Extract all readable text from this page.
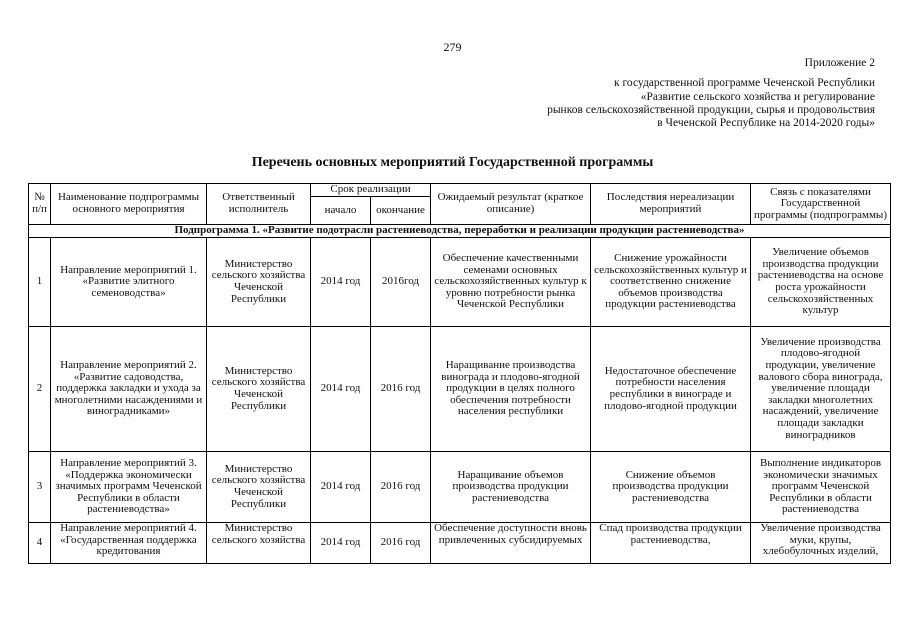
279
Приложение 2
к государственной программе Чеченской Республики
«Развитие сельского хозяйства и регулирование
рынков сельскохозяйственной продукции, сырья и продовольствия
в Чеченской Республике на 2014-2020 годы»
Перечень основных мероприятий Государственной программы
№ п/п	Наименование подпрограммы основного мероприятия	Ответственный исполнитель	Срок реализации		Ожидаемый результат (краткое описание)	Последствия нереализации мероприятий	Связь с показателями Государственной программы (подпрограммы)
			начало	окончание			
Подпрограмма 1. «Развитие подотрасли растениеводства, переработки и реализации продукции растениеводства»							
1	Направление мероприятий 1. «Развитие элитного семеноводства»	Министерство сельского хозяйства Чеченской Республики	2014 год	2016год	Обеспечение качественными семенами основных сельскохозяйственных культур к уровню потребности рынка Чеченской Республики	Снижение урожайности сельскохозяйственных культур и соответственно снижение объемов производства продукции растениеводства	Увеличение объемов производства продукции растениеводства на основе роста урожайности сельскохозяйственных культур
2	Направление мероприятий 2. «Развитие садоводства, поддержка закладки и ухода за многолетними насаждениями и виноградниками»	Министерство сельского хозяйства Чеченской Республики	2014 год	2016 год	Наращивание производства винограда и плодово-ягодной продукции в целях полного обеспечения потребности населения республики	Недостаточное обеспечение потребности населения республики в винограде и плодово-ягодной продукции	Увеличение производства плодово-ягодной продукции, увеличение валового сбора винограда, увеличение площади закладки многолетних насаждений, увеличение площади закладки виноградников
3	Направление мероприятий 3. «Поддержка экономически значимых программ Чеченской Республики в области растениеводства»	Министерство сельского хозяйства Чеченской Республики	2014 год	2016 год	Наращивание объемов производства продукции растениеводства	Снижение объемов производства продукции растениеводства	Выполнение индикаторов экономически значимых программ Чеченской Республики в области растениеводства
4	Направление мероприятий 4. «Государственная поддержка кредитования	Министерство сельского хозяйства	2014 год	2016 год	Обеспечение доступности вновь привлеченных субсидируемых	Спад производства продукции растениеводства,	Увеличение производства муки, крупы, хлебобулочных изделий,
